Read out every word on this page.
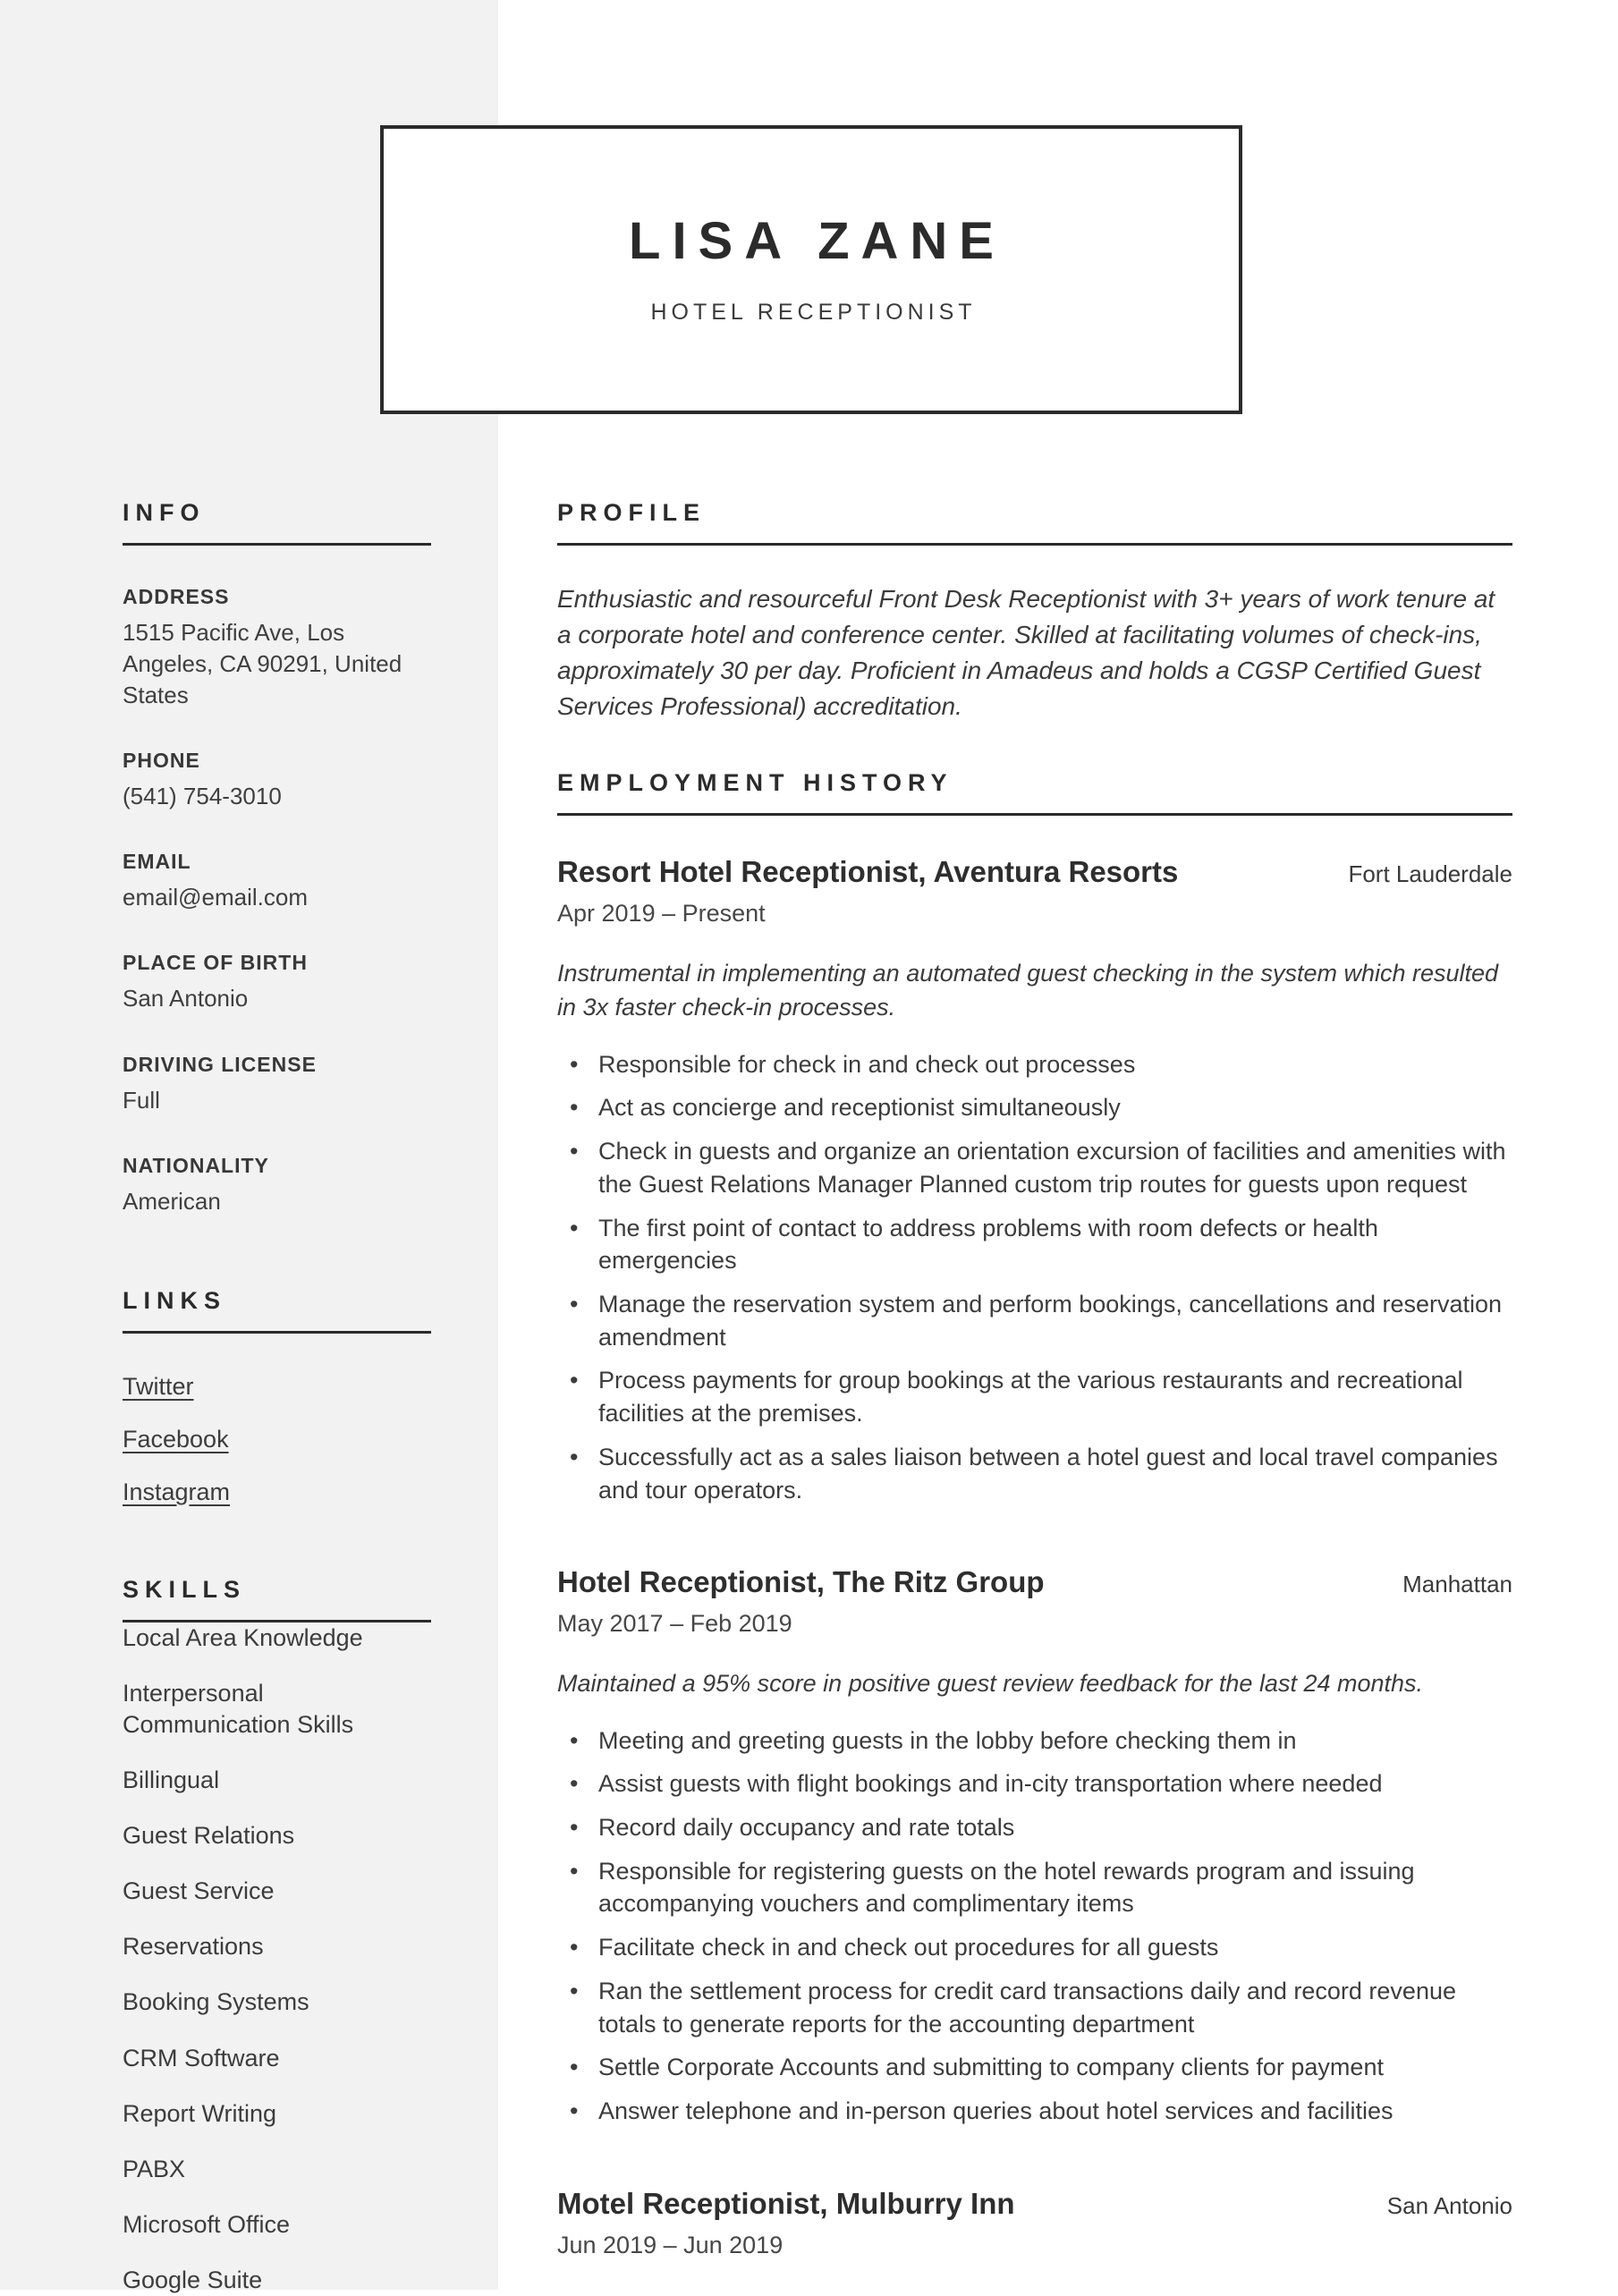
INFO
ADDRESS
1515 Pacific Ave, Los Angeles, CA 90291, United States
PHONE
(541) 754-3010
EMAIL
email@email.com
PLACE OF BIRTH
San Antonio
DRIVING LICENSE
Full
NATIONALITY
American
LINKS
Twitter
Facebook
Instagram
SKILLS
Local Area Knowledge
Interpersonal Communication Skills
Billingual
Guest Relations
Guest Service
Reservations
Booking Systems
CRM Software
Report Writing
PABX
Microsoft Office
Google Suite
LISA ZANE
HOTEL RECEPTIONIST
PROFILE

Enthusiastic and resourceful Front Desk Receptionist with 3+ years of work tenure at a corporate hotel and conference center. Skilled at facilitating volumes of check-ins, approximately 30 per day. Proficient in Amadeus and holds a CGSP Certified Guest Services Professional) accreditation.

EMPLOYMENT HISTORY
Resort Hotel Receptionist, Aventura Resorts	Fort Lauderdale
Apr 2019 – Present

Instrumental in implementing an automated guest checking in the system which resulted in 3x faster check-in processes.

• Responsible for check in and check out processes
• Act as concierge and receptionist simultaneously
• Check in guests and organize an orientation excursion of facilities and amenities with the Guest Relations Manager Planned custom trip routes for guests upon request
• The first point of contact to address problems with room defects or health emergencies
• Manage the reservation system and perform bookings, cancellations and reservation amendment
• Process payments for group bookings at the various restaurants and recreational facilities at the premises.
• Successfully act as a sales liaison between a hotel guest and local travel companies and tour operators.
Hotel Receptionist, The Ritz Group	Manhattan
May 2017 – Feb 2019

Maintained a 95% score in positive guest review feedback for the last 24 months.

• Meeting and greeting guests in the lobby before checking them in
• Assist guests with flight bookings and in-city transportation where needed
• Record daily occupancy and rate totals
• Responsible for registering guests on the hotel rewards program and issuing accompanying vouchers and complimentary items
• Facilitate check in and check out procedures for all guests
• Ran the settlement process for credit card transactions daily and record revenue totals to generate reports for the accounting department
• Settle Corporate Accounts and submitting to company clients for payment
• Answer telephone and in-person queries about hotel services and facilities
Motel Receptionist, Mulburry Inn	San Antonio
Jun 2019 – Jun 2019
